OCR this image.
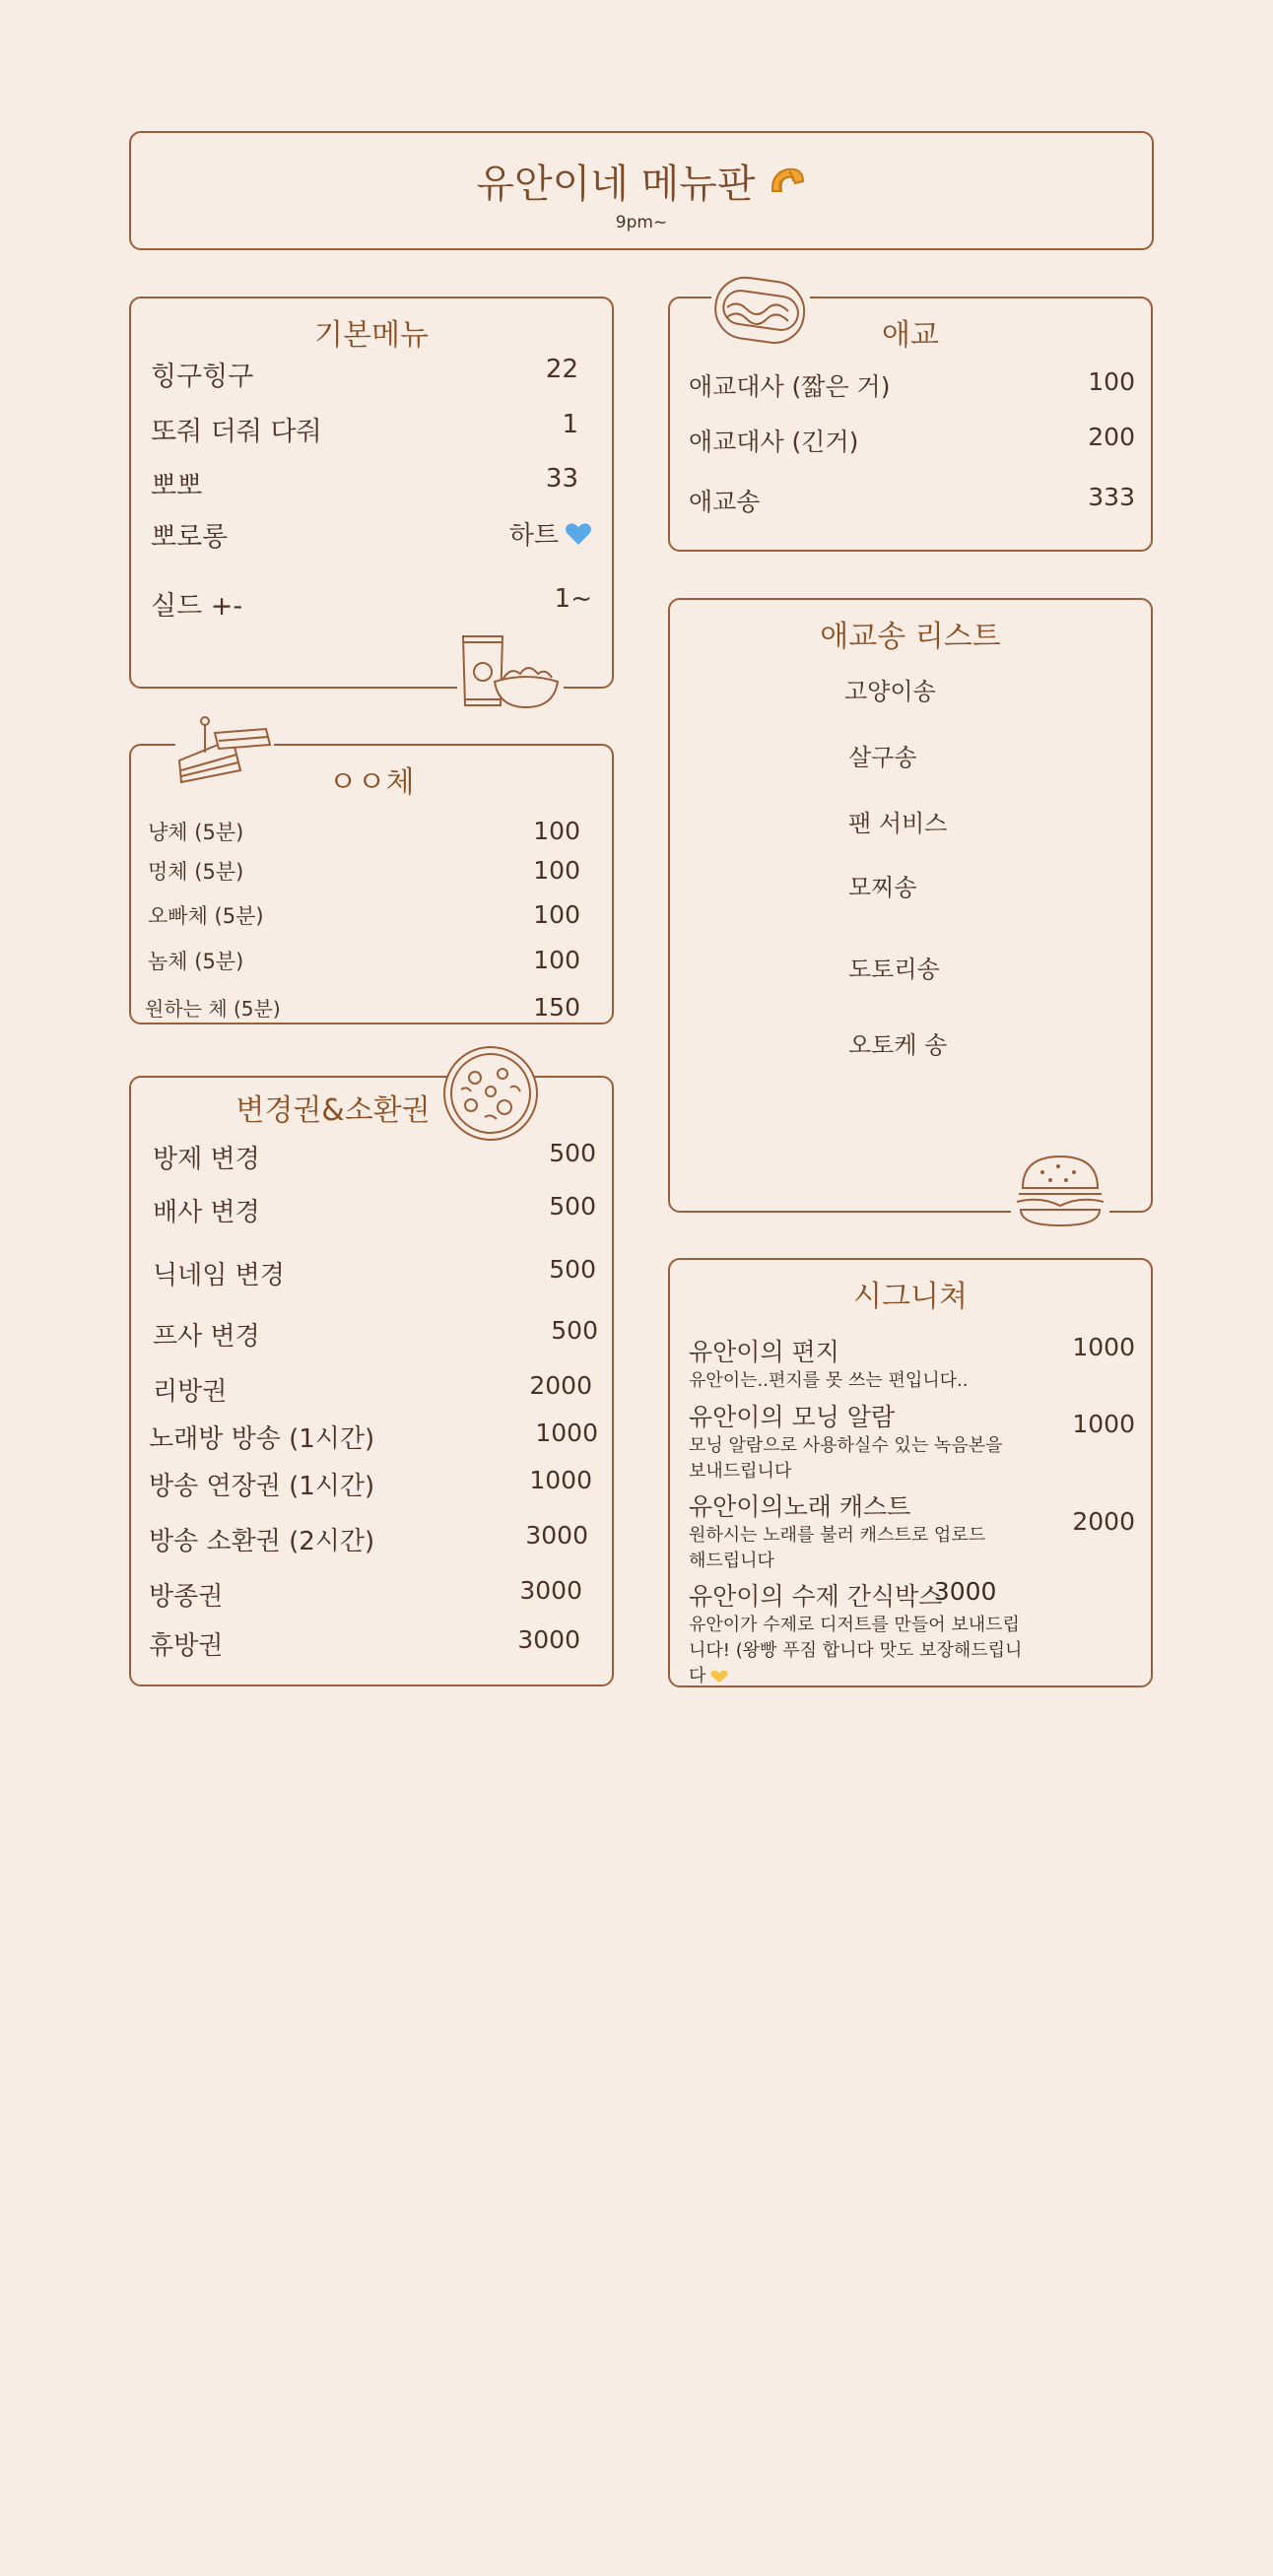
유안이네 메뉴판
9pm~
기본메뉴
힝구힝구	22
또줘 더줘 다줘	1
뽀뽀	33
뽀로롱	하트
실드 +-	1~
ㅇㅇ체
냥체 (5분)	100
멍체 (5분)	100
오빠체 (5분)	100
놈체 (5분)	100
원하는 체 (5분)	150
변경권&소환권
방제 변경	500
배사 변경	500
닉네임 변경	500
프사 변경	500
리방권	2000
노래방 방송 (1시간)	1000
방송 연장권 (1시간)	1000
방송 소환권 (2시간)	3000
방종권	3000
휴방권	3000
애교
애교대사 (짧은 거)	100
애교대사 (긴거)	200
애교송	333
애교송 리스트
고양이송
살구송
팬 서비스
모찌송
도토리송
오토케 송
시그니쳐
유안이의 편지
유안이는..편지를 못 쓰는 편입니다..
1000
유안이의 모닝 알람
모닝 알람으로 사용하실수 있는 녹음본을
보내드립니다
1000
유안이의노래 캐스트
원하시는 노래를 불러 캐스트로 업로드
해드립니다
2000
유안이의 수제 간식박스
유안이가 수제로 디저트를 만들어 보내드립
니다! (왕빵 푸짐 합니다 맛도 보장해드립니
다
3000
